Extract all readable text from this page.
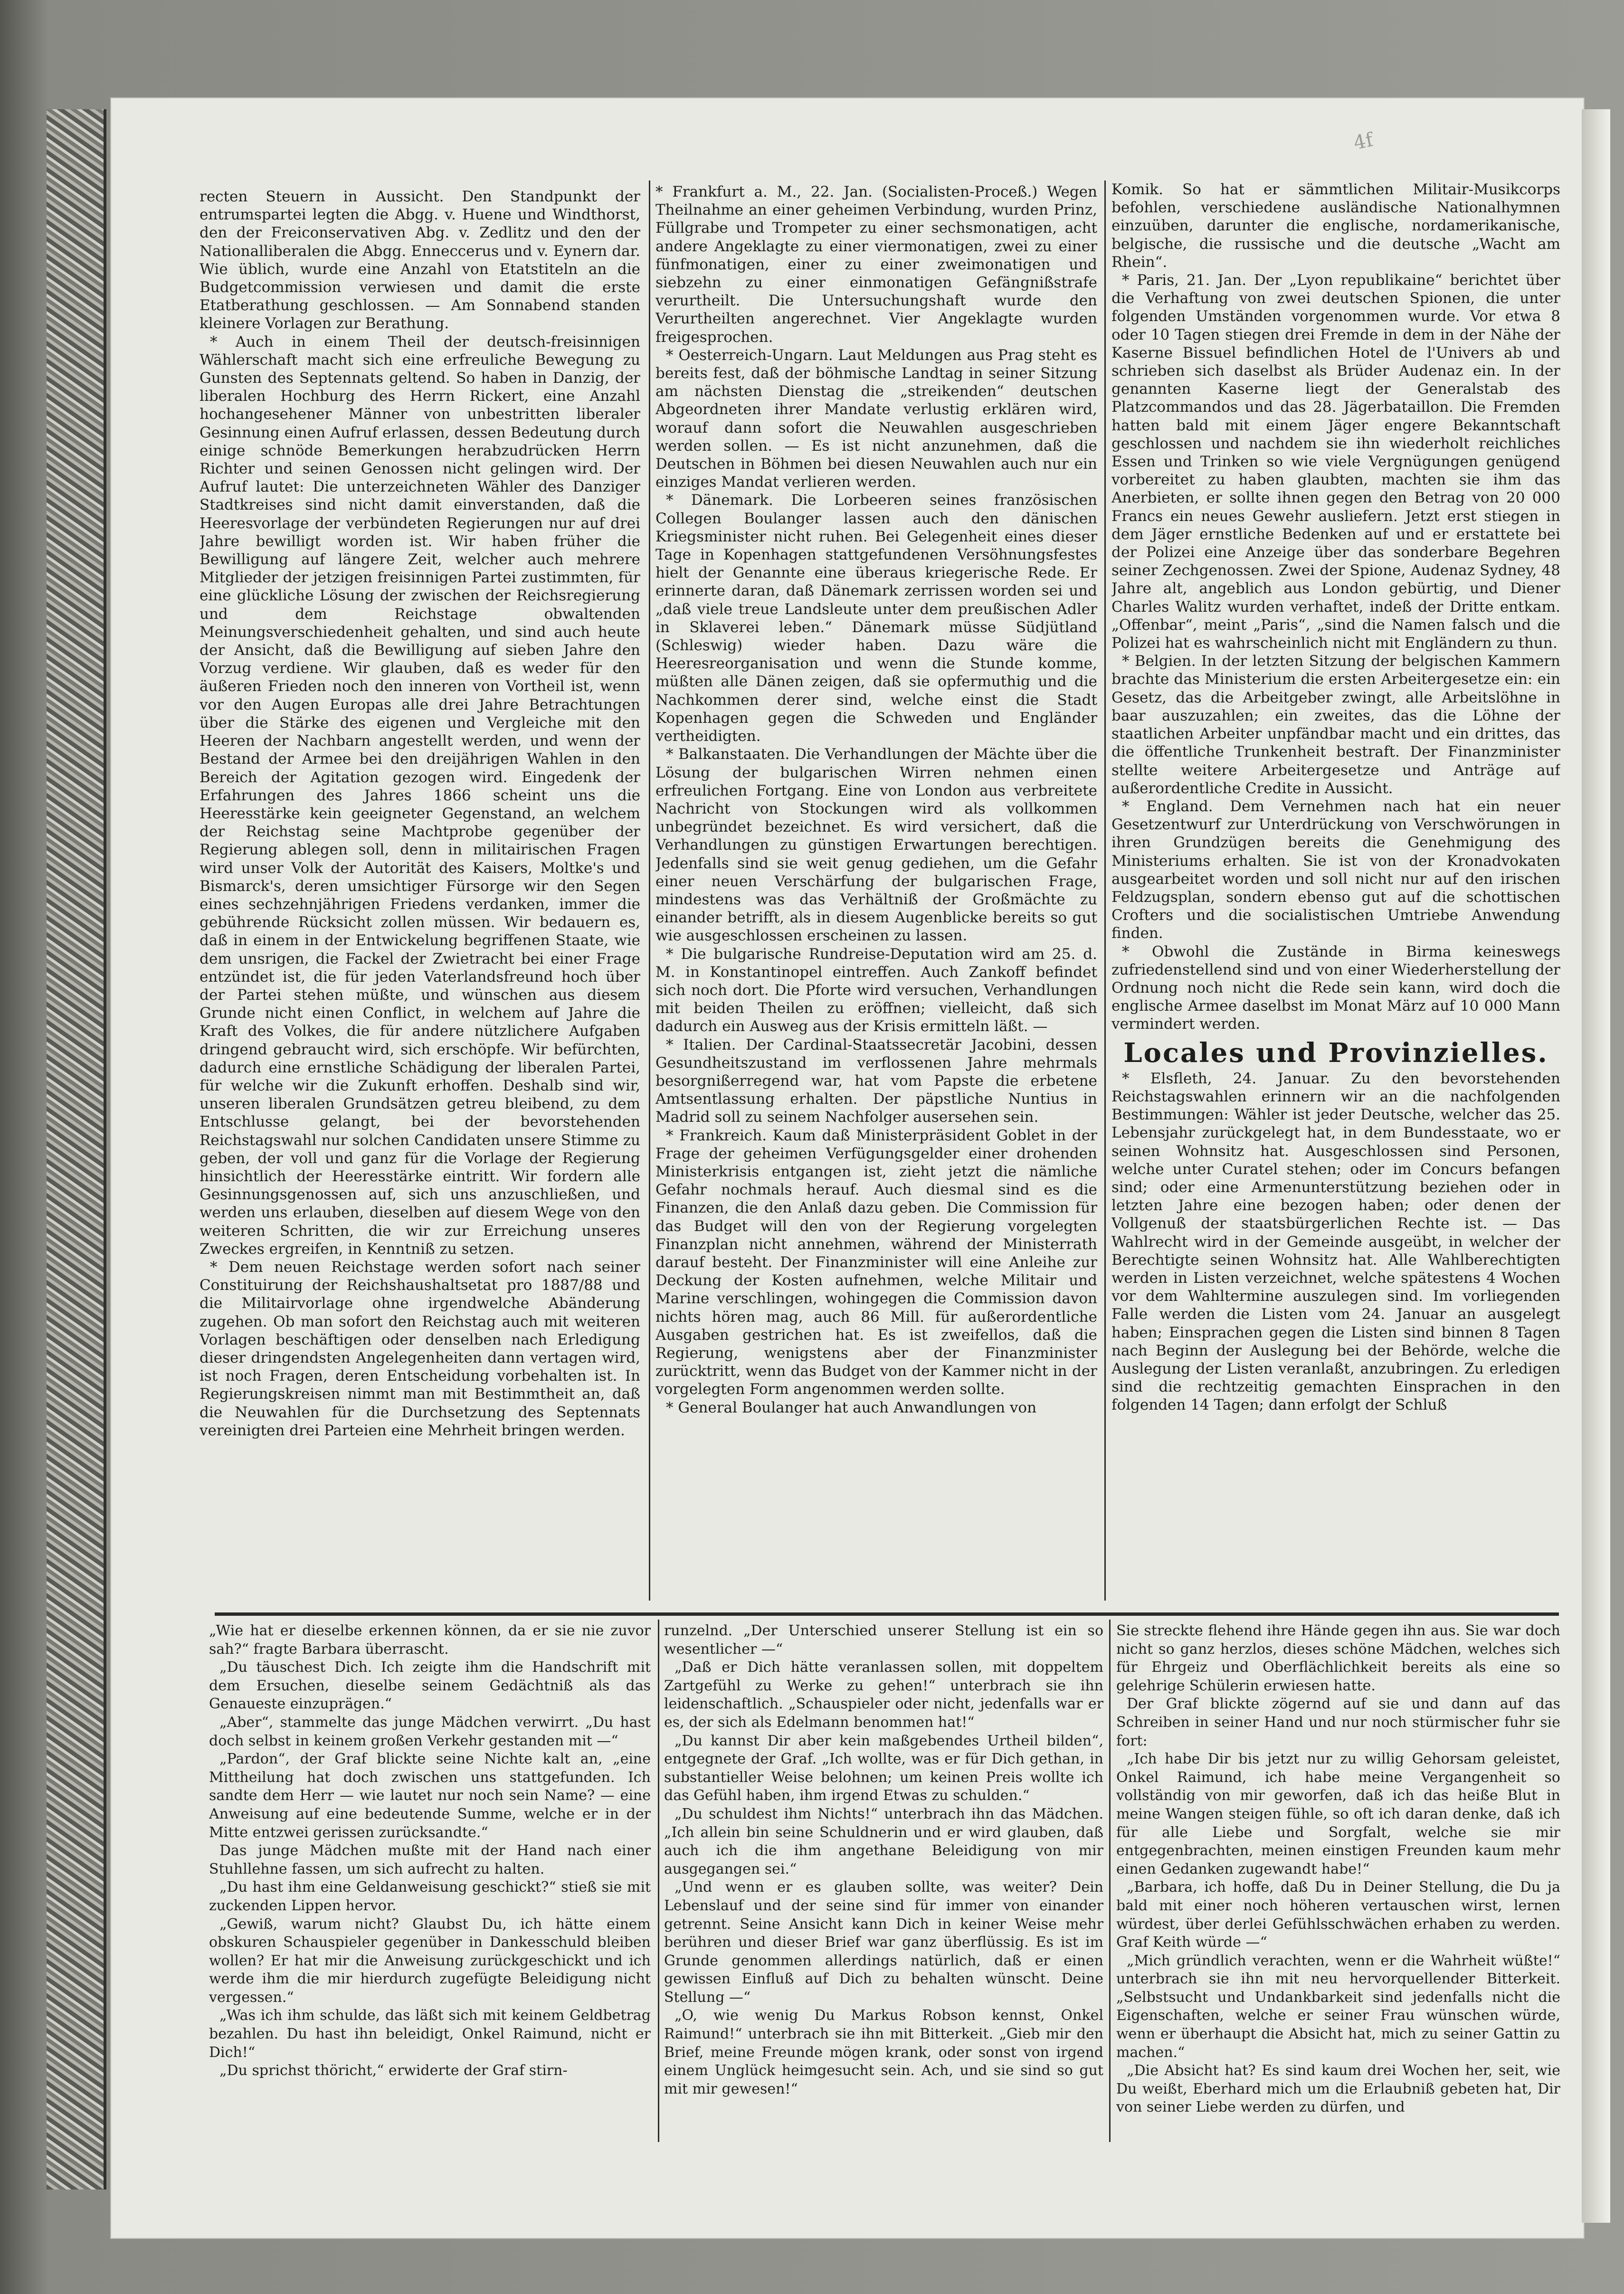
4f

recten Steuern in Aussicht. Den Standpunkt der entrumspartei legten die Abgg. v. Huene und Windthorst, den der Freiconservativen Abg. v. Zedlitz und den der Nationalliberalen die Abgg. Enneccerus und v. Eynern dar. Wie üblich, wurde eine Anzahl von Etatstiteln an die Budgetcommission verwiesen und damit die erste Etatberathung geschlossen. — Am Sonnabend standen kleinere Vorlagen zur Berathung.

* Auch in einem Theil der deutsch-freisinnigen Wählerschaft macht sich eine erfreuliche Bewegung zu Gunsten des Septennats geltend. So haben in Danzig, der liberalen Hochburg des Herrn Rickert, eine Anzahl hochangesehener Männer von unbestritten liberaler Gesinnung einen Aufruf erlassen, dessen Bedeutung durch einige schnöde Bemerkungen herabzudrücken Herrn Richter und seinen Genossen nicht gelingen wird. Der Aufruf lautet: Die unterzeichneten Wähler des Danziger Stadtkreises sind nicht damit einverstanden, daß die Heeresvorlage der verbündeten Regierungen nur auf drei Jahre bewilligt worden ist. Wir haben früher die Bewilligung auf längere Zeit, welcher auch mehrere Mitglieder der jetzigen freisinnigen Partei zustimmten, für eine glückliche Lösung der zwischen der Reichsregierung und dem Reichstage obwaltenden Meinungsverschiedenheit gehalten, und sind auch heute der Ansicht, daß die Bewilligung auf sieben Jahre den Vorzug verdiene. Wir glauben, daß es weder für den äußeren Frieden noch den inneren von Vortheil ist, wenn vor den Augen Europas alle drei Jahre Betrachtungen über die Stärke des eigenen und Vergleiche mit den Heeren der Nachbarn angestellt werden, und wenn der Bestand der Armee bei den dreijährigen Wahlen in den Bereich der Agitation gezogen wird. Eingedenk der Erfahrungen des Jahres 1866 scheint uns die Heeresstärke kein geeigneter Gegenstand, an welchem der Reichstag seine Machtprobe gegenüber der Regierung ablegen soll, denn in militairischen Fragen wird unser Volk der Autorität des Kaisers, Moltke's und Bismarck's, deren umsichtiger Fürsorge wir den Segen eines sechzehnjährigen Friedens verdanken, immer die gebührende Rücksicht zollen müssen. Wir bedauern es, daß in einem in der Entwickelung begriffenen Staate, wie dem unsrigen, die Fackel der Zwietracht bei einer Frage entzündet ist, die für jeden Vaterlandsfreund hoch über der Partei stehen müßte, und wünschen aus diesem Grunde nicht einen Conflict, in welchem auf Jahre die Kraft des Volkes, die für andere nützlichere Aufgaben dringend gebraucht wird, sich erschöpfe. Wir befürchten, dadurch eine ernstliche Schädigung der liberalen Partei, für welche wir die Zukunft erhoffen. Deshalb sind wir, unseren liberalen Grundsätzen getreu bleibend, zu dem Entschlusse gelangt, bei der bevorstehenden Reichstagswahl nur solchen Candidaten unsere Stimme zu geben, der voll und ganz für die Vorlage der Regierung hinsichtlich der Heeresstärke eintritt. Wir fordern alle Gesinnungsgenossen auf, sich uns anzuschließen, und werden uns erlauben, dieselben auf diesem Wege von den weiteren Schritten, die wir zur Erreichung unseres Zweckes ergreifen, in Kenntniß zu setzen.

* Dem neuen Reichstage werden sofort nach seiner Constituirung der Reichshaushaltsetat pro 1887/88 und die Militairvorlage ohne irgendwelche Abänderung zugehen. Ob man sofort den Reichstag auch mit weiteren Vorlagen beschäftigen oder denselben nach Erledigung dieser dringendsten Angelegenheiten dann vertagen wird, ist noch Fragen, deren Entscheidung vorbehalten ist. In Regierungskreisen nimmt man mit Bestimmtheit an, daß die Neuwahlen für die Durchsetzung des Septennats vereinigten drei Parteien eine Mehrheit bringen werden.

* Frankfurt a. M., 22. Jan. (Socialisten-Proceß.) Wegen Theilnahme an einer geheimen Verbindung, wurden Prinz, Füllgrabe und Trompeter zu einer sechsmonatigen, acht andere Angeklagte zu einer viermonatigen, zwei zu einer fünfmonatigen, einer zu einer zweimonatigen und siebzehn zu einer einmonatigen Gefängnißstrafe verurtheilt. Die Untersuchungshaft wurde den Verurtheilten angerechnet. Vier Angeklagte wurden freigesprochen.

* Oesterreich-Ungarn. Laut Meldungen aus Prag steht es bereits fest, daß der böhmische Landtag in seiner Sitzung am nächsten Dienstag die „streikenden“ deutschen Abgeordneten ihrer Mandate verlustig erklären wird, worauf dann sofort die Neuwahlen ausgeschrieben werden sollen. — Es ist nicht anzunehmen, daß die Deutschen in Böhmen bei diesen Neuwahlen auch nur ein einziges Mandat verlieren werden.

* Dänemark. Die Lorbeeren seines französischen Collegen Boulanger lassen auch den dänischen Kriegsminister nicht ruhen. Bei Gelegenheit eines dieser Tage in Kopenhagen stattgefundenen Versöhnungsfestes hielt der Genannte eine überaus kriegerische Rede. Er erinnerte daran, daß Dänemark zerrissen worden sei und „daß viele treue Landsleute unter dem preußischen Adler in Sklaverei leben.“ Dänemark müsse Südjütland (Schleswig) wieder haben. Dazu wäre die Heeresreorganisation und wenn die Stunde komme, müßten alle Dänen zeigen, daß sie opfermuthig und die Nachkommen derer sind, welche einst die Stadt Kopenhagen gegen die Schweden und Engländer vertheidigten.

* Balkanstaaten. Die Verhandlungen der Mächte über die Lösung der bulgarischen Wirren nehmen einen erfreulichen Fortgang. Eine von London aus verbreitete Nachricht von Stockungen wird als vollkommen unbegründet bezeichnet. Es wird versichert, daß die Verhandlungen zu günstigen Erwartungen berechtigen. Jedenfalls sind sie weit genug gediehen, um die Gefahr einer neuen Verschärfung der bulgarischen Frage, mindestens was das Verhältniß der Großmächte zu einander betrifft, als in diesem Augenblicke bereits so gut wie ausgeschlossen erscheinen zu lassen.

* Die bulgarische Rundreise-Deputation wird am 25. d. M. in Konstantinopel eintreffen. Auch Zankoff befindet sich noch dort. Die Pforte wird versuchen, Verhandlungen mit beiden Theilen zu eröffnen; vielleicht, daß sich dadurch ein Ausweg aus der Krisis ermitteln läßt. —

* Italien. Der Cardinal-Staatssecretär Jacobini, dessen Gesundheitszustand im verflossenen Jahre mehrmals besorgnißerregend war, hat vom Papste die erbetene Amtsentlassung erhalten. Der päpstliche Nuntius in Madrid soll zu seinem Nachfolger ausersehen sein.

* Frankreich. Kaum daß Ministerpräsident Goblet in der Frage der geheimen Verfügungsgelder einer drohenden Ministerkrisis entgangen ist, zieht jetzt die nämliche Gefahr nochmals herauf. Auch diesmal sind es die Finanzen, die den Anlaß dazu geben. Die Commission für das Budget will den von der Regierung vorgelegten Finanzplan nicht annehmen, während der Ministerrath darauf besteht. Der Finanzminister will eine Anleihe zur Deckung der Kosten aufnehmen, welche Militair und Marine verschlingen, wohingegen die Commission davon nichts hören mag, auch 86 Mill. für außerordentliche Ausgaben gestrichen hat. Es ist zweifellos, daß die Regierung, wenigstens aber der Finanzminister zurücktritt, wenn das Budget von der Kammer nicht in der vorgelegten Form angenommen werden sollte.

* General Boulanger hat auch Anwandlungen von

Komik. So hat er sämmtlichen Militair-Musikcorps befohlen, verschiedene ausländische Nationalhymnen einzuüben, darunter die englische, nordamerikanische, belgische, die russische und die deutsche „Wacht am Rhein“.

* Paris, 21. Jan. Der „Lyon republikaine“ berichtet über die Verhaftung von zwei deutschen Spionen, die unter folgenden Umständen vorgenommen wurde. Vor etwa 8 oder 10 Tagen stiegen drei Fremde in dem in der Nähe der Kaserne Bissuel befindlichen Hotel de l'Univers ab und schrieben sich daselbst als Brüder Audenaz ein. In der genannten Kaserne liegt der Generalstab des Platzcommandos und das 28. Jägerbataillon. Die Fremden hatten bald mit einem Jäger engere Bekanntschaft geschlossen und nachdem sie ihn wiederholt reichliches Essen und Trinken so wie viele Vergnügungen genügend vorbereitet zu haben glaubten, machten sie ihm das Anerbieten, er sollte ihnen gegen den Betrag von 20 000 Francs ein neues Gewehr ausliefern. Jetzt erst stiegen in dem Jäger ernstliche Bedenken auf und er erstattete bei der Polizei eine Anzeige über das sonderbare Begehren seiner Zechgenossen. Zwei der Spione, Audenaz Sydney, 48 Jahre alt, angeblich aus London gebürtig, und Diener Charles Walitz wurden verhaftet, indeß der Dritte entkam. „Offenbar“, meint „Paris“, „sind die Namen falsch und die Polizei hat es wahrscheinlich nicht mit Engländern zu thun.

* Belgien. In der letzten Sitzung der belgischen Kammern brachte das Ministerium die ersten Arbeitergesetze ein: ein Gesetz, das die Arbeitgeber zwingt, alle Arbeitslöhne in baar auszuzahlen; ein zweites, das die Löhne der staatlichen Arbeiter unpfändbar macht und ein drittes, das die öffentliche Trunkenheit bestraft. Der Finanzminister stellte weitere Arbeitergesetze und Anträge auf außerordentliche Credite in Aussicht.

* England. Dem Vernehmen nach hat ein neuer Gesetzentwurf zur Unterdrückung von Verschwörungen in ihren Grundzügen bereits die Genehmigung des Ministeriums erhalten. Sie ist von der Kronadvokaten ausgearbeitet worden und soll nicht nur auf den irischen Feldzugsplan, sondern ebenso gut auf die schottischen Crofters und die socialistischen Umtriebe Anwendung finden.

* Obwohl die Zustände in Birma keineswegs zufriedenstellend sind und von einer Wiederherstellung der Ordnung noch nicht die Rede sein kann, wird doch die englische Armee daselbst im Monat März auf 10 000 Mann vermindert werden.

Locales und Provinzielles.

* Elsfleth, 24. Januar. Zu den bevorstehenden Reichstagswahlen erinnern wir an die nachfolgenden Bestimmungen: Wähler ist jeder Deutsche, welcher das 25. Lebensjahr zurückgelegt hat, in dem Bundesstaate, wo er seinen Wohnsitz hat. Ausgeschlossen sind Personen, welche unter Curatel stehen; oder im Concurs befangen sind; oder eine Armenunterstützung beziehen oder in letzten Jahre eine bezogen haben; oder denen der Vollgenuß der staatsbürgerlichen Rechte ist. — Das Wahlrecht wird in der Gemeinde ausgeübt, in welcher der Berechtigte seinen Wohnsitz hat. Alle Wahlberechtigten werden in Listen verzeichnet, welche spätestens 4 Wochen vor dem Wahltermine auszulegen sind. Im vorliegenden Falle werden die Listen vom 24. Januar an ausgelegt haben; Einsprachen gegen die Listen sind binnen 8 Tagen nach Beginn der Auslegung bei der Behörde, welche die Auslegung der Listen veranlaßt, anzubringen. Zu erledigen sind die rechtzeitig gemachten Einsprachen in den folgenden 14 Tagen; dann erfolgt der Schluß

„Wie hat er dieselbe erkennen können, da er sie nie zuvor sah?“ fragte Barbara überrascht.

„Du täuschest Dich. Ich zeigte ihm die Handschrift mit dem Ersuchen, dieselbe seinem Gedächtniß als das Genaueste einzuprägen.“

„Aber“, stammelte das junge Mädchen verwirrt. „Du hast doch selbst in keinem großen Verkehr gestanden mit —“

„Pardon“, der Graf blickte seine Nichte kalt an, „eine Mittheilung hat doch zwischen uns stattgefunden. Ich sandte dem Herr — wie lautet nur noch sein Name? — eine Anweisung auf eine bedeutende Summe, welche er in der Mitte entzwei gerissen zurücksandte.“

Das junge Mädchen mußte mit der Hand nach einer Stuhllehne fassen, um sich aufrecht zu halten.

„Du hast ihm eine Geldanweisung geschickt?“ stieß sie mit zuckenden Lippen hervor.

„Gewiß, warum nicht? Glaubst Du, ich hätte einem obskuren Schauspieler gegenüber in Dankesschuld bleiben wollen? Er hat mir die Anweisung zurückgeschickt und ich werde ihm die mir hierdurch zugefügte Beleidigung nicht vergessen.“

„Was ich ihm schulde, das läßt sich mit keinem Geldbetrag bezahlen. Du hast ihn beleidigt, Onkel Raimund, nicht er Dich!“

„Du sprichst thöricht,“ erwiderte der Graf stirn-

runzelnd. „Der Unterschied unserer Stellung ist ein so wesentlicher —“

„Daß er Dich hätte veranlassen sollen, mit doppeltem Zartgefühl zu Werke zu gehen!“ unterbrach sie ihn leidenschaftlich. „Schauspieler oder nicht, jedenfalls war er es, der sich als Edelmann benommen hat!“

„Du kannst Dir aber kein maßgebendes Urtheil bilden“, entgegnete der Graf. „Ich wollte, was er für Dich gethan, in substantieller Weise belohnen; um keinen Preis wollte ich das Gefühl haben, ihm irgend Etwas zu schulden.“

„Du schuldest ihm Nichts!“ unterbrach ihn das Mädchen. „Ich allein bin seine Schuldnerin und er wird glauben, daß auch ich die ihm angethane Beleidigung von mir ausgegangen sei.“

„Und wenn er es glauben sollte, was weiter? Dein Lebenslauf und der seine sind für immer von einander getrennt. Seine Ansicht kann Dich in keiner Weise mehr berühren und dieser Brief war ganz überflüssig. Es ist im Grunde genommen allerdings natürlich, daß er einen gewissen Einfluß auf Dich zu behalten wünscht. Deine Stellung —“

„O, wie wenig Du Markus Robson kennst, Onkel Raimund!“ unterbrach sie ihn mit Bitterkeit. „Gieb mir den Brief, meine Freunde mögen krank, oder sonst von irgend einem Unglück heimgesucht sein. Ach, und sie sind so gut mit mir gewesen!“

Sie streckte flehend ihre Hände gegen ihn aus. Sie war doch nicht so ganz herzlos, dieses schöne Mädchen, welches sich für Ehrgeiz und Oberflächlichkeit bereits als eine so gelehrige Schülerin erwiesen hatte.

Der Graf blickte zögernd auf sie und dann auf das Schreiben in seiner Hand und nur noch stürmischer fuhr sie fort:

„Ich habe Dir bis jetzt nur zu willig Gehorsam geleistet, Onkel Raimund, ich habe meine Vergangenheit so vollständig von mir geworfen, daß ich das heiße Blut in meine Wangen steigen fühle, so oft ich daran denke, daß ich für alle Liebe und Sorgfalt, welche sie mir entgegenbrachten, meinen einstigen Freunden kaum mehr einen Gedanken zugewandt habe!“

„Barbara, ich hoffe, daß Du in Deiner Stellung, die Du ja bald mit einer noch höheren vertauschen wirst, lernen würdest, über derlei Gefühlsschwächen erhaben zu werden. Graf Keith würde —“

„Mich gründlich verachten, wenn er die Wahrheit wüßte!“ unterbrach sie ihn mit neu hervorquellender Bitterkeit. „Selbstsucht und Undankbarkeit sind jedenfalls nicht die Eigenschaften, welche er seiner Frau wünschen würde, wenn er überhaupt die Absicht hat, mich zu seiner Gattin zu machen.“

„Die Absicht hat? Es sind kaum drei Wochen her, seit, wie Du weißt, Eberhard mich um die Erlaubniß gebeten hat, Dir von seiner Liebe werden zu dürfen, und
